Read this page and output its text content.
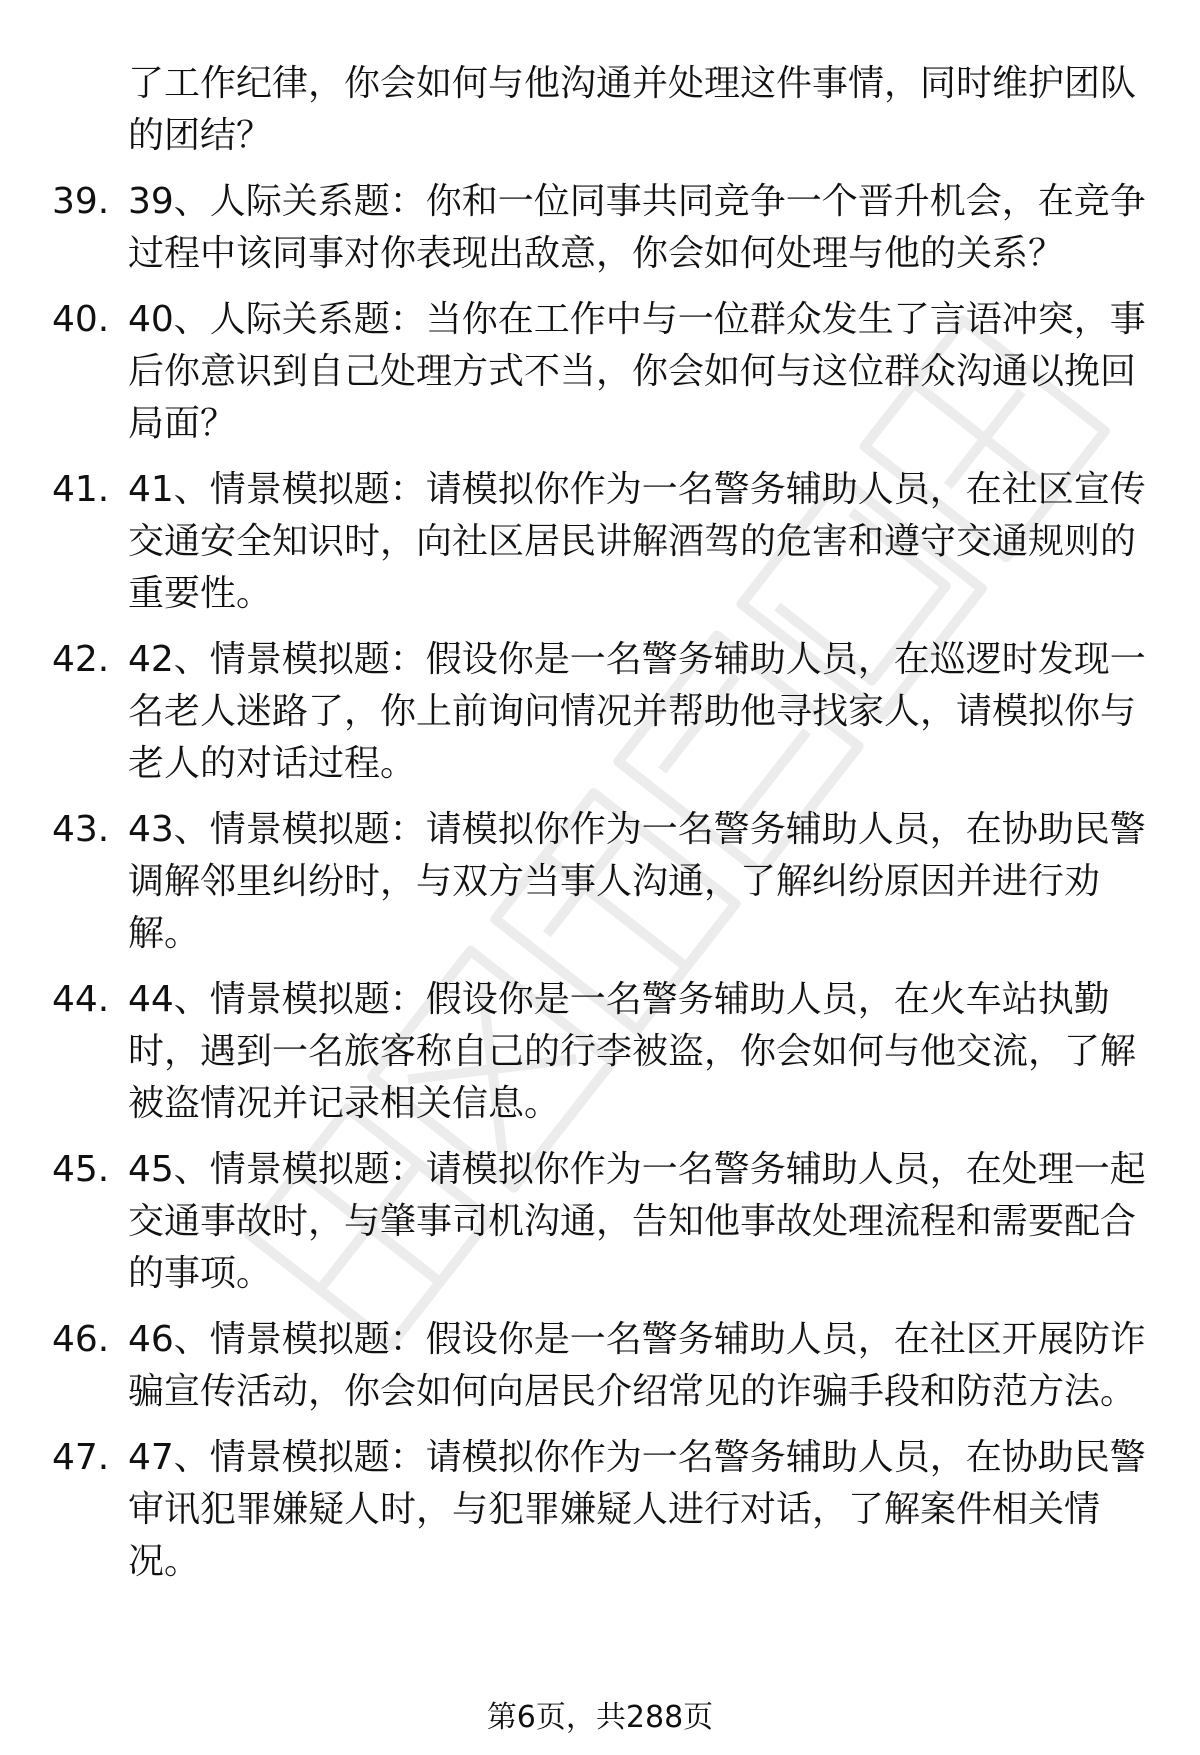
了工作纪律，你会如何与他沟通并处理这件事情，同时维护团队的团结？
39. 39、人际关系题：你和一位同事共同竞争一个晋升机会，在竞争过程中该同事对你表现出敌意，你会如何处理与他的关系？
40. 40、人际关系题：当你在工作中与一位群众发生了言语冲突，事后你意识到自己处理方式不当，你会如何与这位群众沟通以挽回局面？
41. 41、情景模拟题：请模拟你作为一名警务辅助人员，在社区宣传交通安全知识时，向社区居民讲解酒驾的危害和遵守交通规则的重要性。
42. 42、情景模拟题：假设你是一名警务辅助人员，在巡逻时发现一名老人迷路了，你上前询问情况并帮助他寻找家人，请模拟你与老人的对话过程。
43. 43、情景模拟题：请模拟你作为一名警务辅助人员，在协助民警调解邻里纠纷时，与双方当事人沟通，了解纠纷原因并进行劝解。
44. 44、情景模拟题：假设你是一名警务辅助人员，在火车站执勤时，遇到一名旅客称自己的行李被盗，你会如何与他交流，了解被盗情况并记录相关信息。
45. 45、情景模拟题：请模拟你作为一名警务辅助人员，在处理一起交通事故时，与肇事司机沟通，告知他事故处理流程和需要配合的事项。
46. 46、情景模拟题：假设你是一名警务辅助人员，在社区开展防诈骗宣传活动，你会如何向居民介绍常见的诈骗手段和防范方法。
47. 47、情景模拟题：请模拟你作为一名警务辅助人员，在协助民警审讯犯罪嫌疑人时，与犯罪嫌疑人进行对话，了解案件相关情况。
第6页，共288页
